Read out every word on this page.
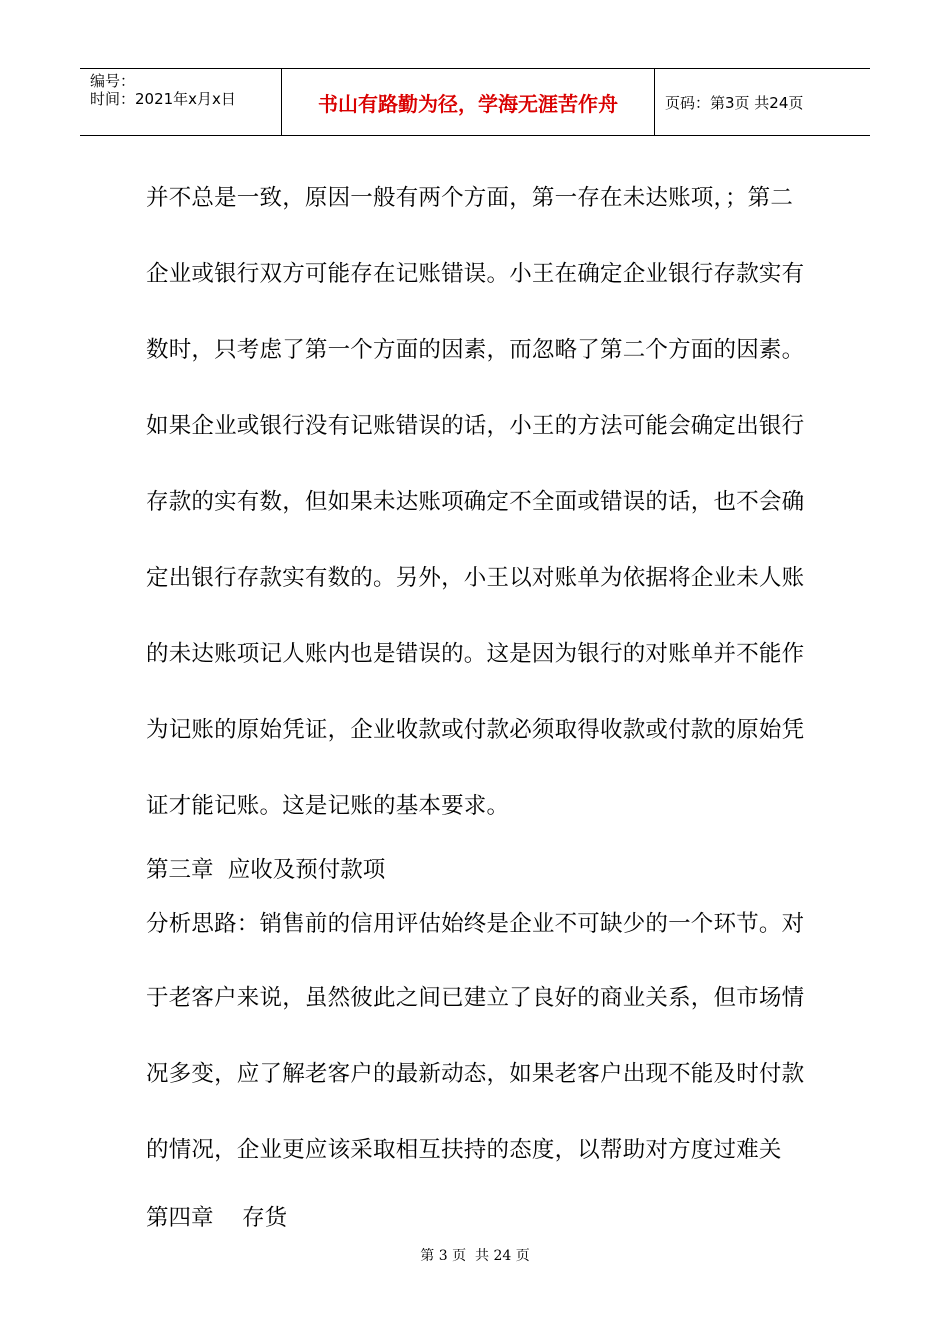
编号：
时间：2021年x月x日	书山有路勤为径，学海无涯苦作舟	页码：第3页 共24页

并不总是一致，原因一般有两个方面，第一存在未达账项，；第二

企业或银行双方可能存在记账错误。小王在确定企业银行存款实有

数时，只考虑了第一个方面的因素，而忽略了第二个方面的因素。

如果企业或银行没有记账错误的话，小王的方法可能会确定出银行

存款的实有数，但如果未达账项确定不全面或错误的话，也不会确

定出银行存款实有数的。另外，小王以对账单为依据将企业未人账

的未达账项记人账内也是错误的。这是因为银行的对账单并不能作

为记账的原始凭证，企业收款或付款必须取得收款或付款的原始凭

证才能记账。这是记账的基本要求。

第三章  应收及预付款项

分析思路：销售前的信用评估始终是企业不可缺少的一个环节。对

于老客户来说，虽然彼此之间已建立了良好的商业关系，但市场情

况多变，应了解老客户的最新动态，如果老客户出现不能及时付款

的情况，企业更应该采取相互扶持的态度，以帮助对方度过难关

第四章    存货

第 3 页  共 24 页
